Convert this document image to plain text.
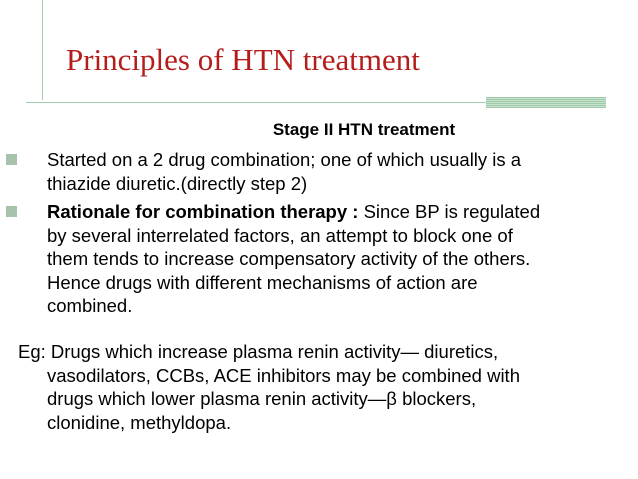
Principles of HTN treatment
Stage II HTN treatment
Started on a 2 drug combination; one of which usually is a
thiazide diuretic.(directly step 2)
Rationale for combination therapy : Since BP is regulated
by several interrelated factors, an attempt to block one of
them tends to increase compensatory activity of the others.
Hence drugs with different mechanisms of action are
combined.
Eg: Drugs which increase plasma renin activity— diuretics,
vasodilators, CCBs, ACE inhibitors may be combined with
drugs which lower plasma renin activity—β blockers,
clonidine, methyldopa.
